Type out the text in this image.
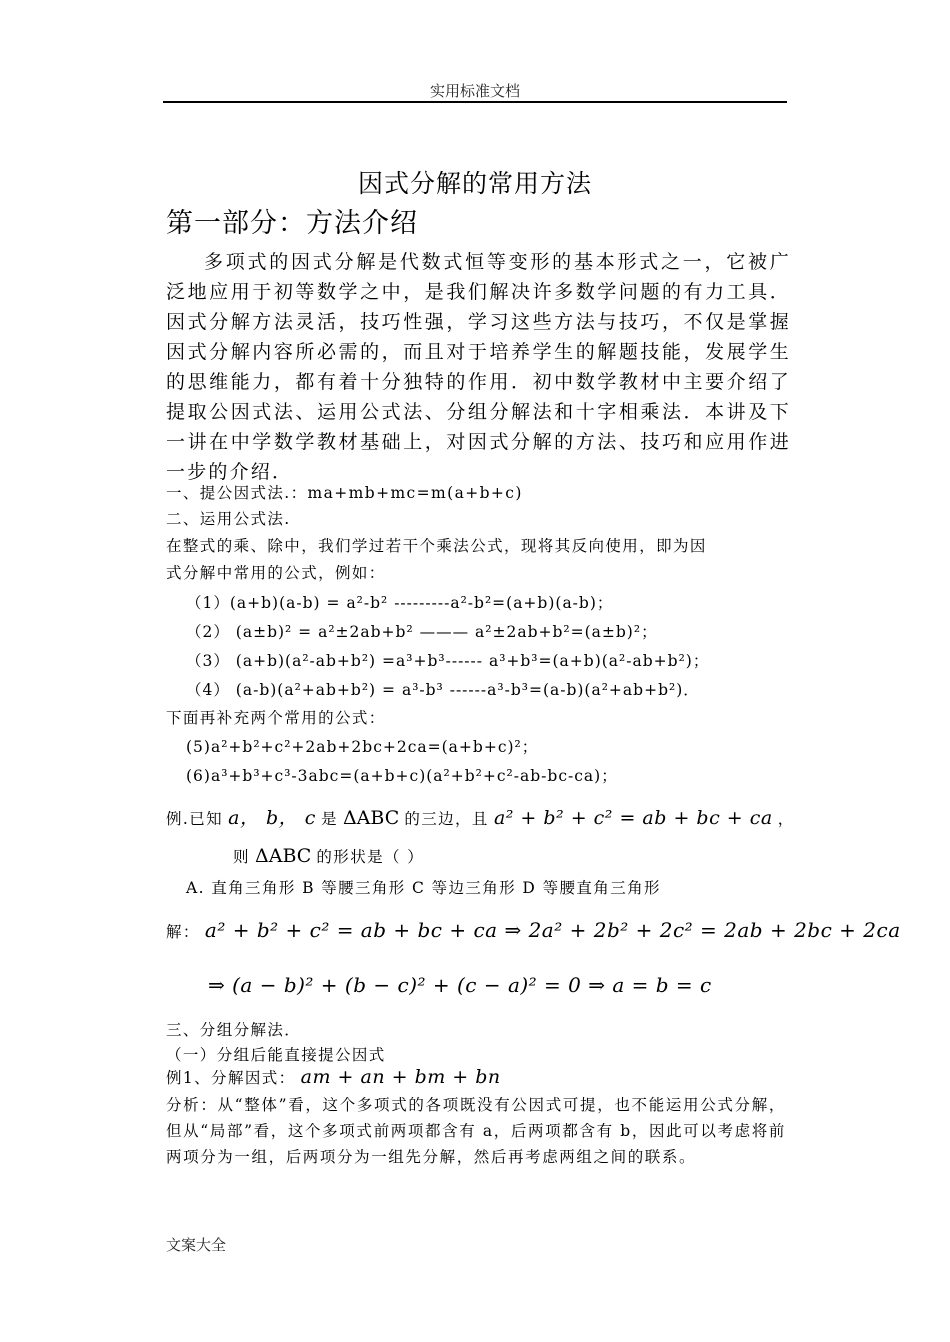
实用标准文档
因式分解的常用方法
第一部分：方法介绍

多项式的因式分解是代数式恒等变形的基本形式之一，它被广泛地应用于初等数学之中，是我们解决许多数学问题的有力工具．因式分解方法灵活，技巧性强，学习这些方法与技巧，不仅是掌握因式分解内容所必需的，而且对于培养学生的解题技能，发展学生的思维能力，都有着十分独特的作用．初中数学教材中主要介绍了提取公因式法、运用公式法、分组分解法和十字相乘法．本讲及下一讲在中学数学教材基础上，对因式分解的方法、技巧和应用作进一步的介绍．

一、提公因式法.：ma+mb+mc=m(a+b+c)
二、运用公式法.
在整式的乘、除中，我们学过若干个乘法公式，现将其反向使用，即为因
式分解中常用的公式，例如：
（1）(a+b)(a-b) = a²-b² ---------a²-b²=(a+b)(a-b)；
（2） (a±b)² = a²±2ab+b² ——— a²±2ab+b²=(a±b)²；
（3） (a+b)(a²-ab+b²) =a³+b³------ a³+b³=(a+b)(a²-ab+b²)；
（4） (a-b)(a²+ab+b²) = a³-b³ ------a³-b³=(a-b)(a²+ab+b²)．
下面再补充两个常用的公式：
(5)a²+b²+c²+2ab+2bc+2ca=(a+b+c)²；
(6)a³+b³+c³-3abc=(a+b+c)(a²+b²+c²-ab-bc-ca)；
例.已知 a， b， c 是 ΔABC 的三边，且 a² + b² + c² = ab + bc + ca ，
则 ΔABC 的形状是（ ）
A. 直角三角形 B 等腰三角形 C 等边三角形 D 等腰直角三角形
解： a² + b² + c² = ab + bc + ca ⇒ 2a² + 2b² + 2c² = 2ab + 2bc + 2ca
⇒ (a − b)² + (b − c)² + (c − a)² = 0 ⇒ a = b = c
三、分组分解法．
（一）分组后能直接提公因式
例1、分解因式： am + an + bm + bn
分析：从“整体”看，这个多项式的各项既没有公因式可提，也不能运用公式分解，但从“局部”看，这个多项式前两项都含有 a，后两项都含有 b，因此可以考虑将前两项分为一组，后两项分为一组先分解，然后再考虑两组之间的联系。
文案大全
